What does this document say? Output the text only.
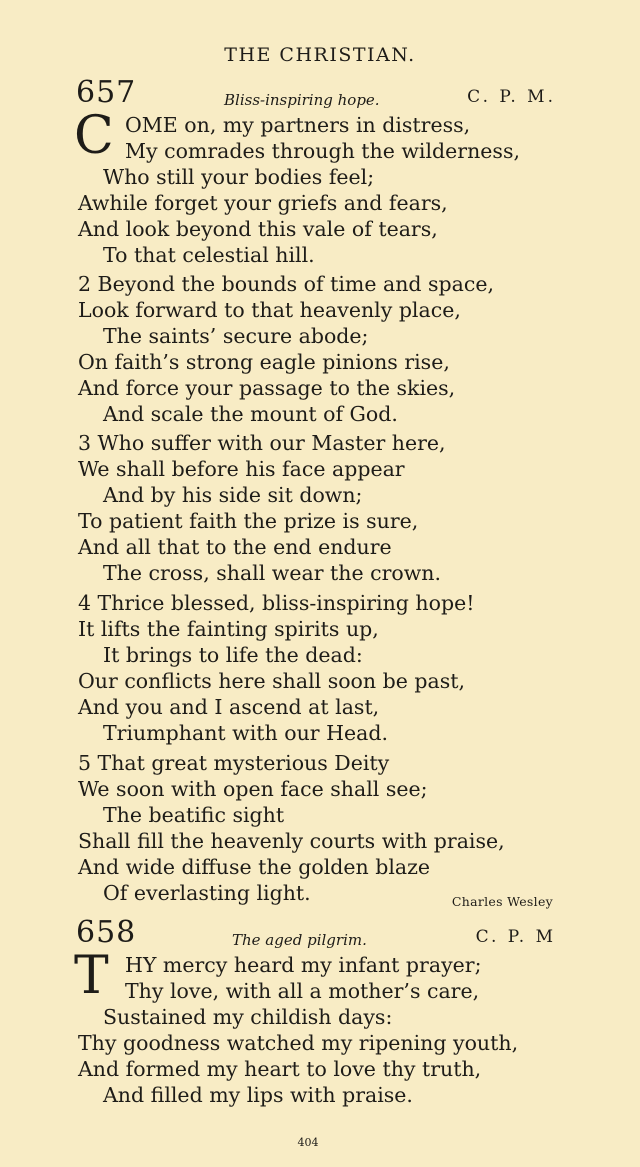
THE CHRISTIAN.
657	Bliss-inspiring hope.	C. P. M.
C OME on, my partners in distress,
My comrades through the wilderness,
Who still your bodies feel;
Awhile forget your griefs and fears,
And look beyond this vale of tears,
To that celestial hill.
2 Beyond the bounds of time and space,
Look forward to that heavenly place,
The saints’ secure abode;
On faith’s strong eagle pinions rise,
And force your passage to the skies,
And scale the mount of God.
3 Who suffer with our Master here,
We shall before his face appear
And by his side sit down;
To patient faith the prize is sure,
And all that to the end endure
The cross, shall wear the crown.
4 Thrice blessed, bliss-inspiring hope!
It lifts the fainting spirits up,
It brings to life the dead:
Our conflicts here shall soon be past,
And you and I ascend at last,
Triumphant with our Head.
5 That great mysterious Deity
We soon with open face shall see;
The beatific sight
Shall fill the heavenly courts with praise,
And wide diffuse the golden blaze
Of everlasting light.	Charles Wesley
658	The aged pilgrim.	C. P. M
T HY mercy heard my infant prayer;
Thy love, with all a mother’s care,
Sustained my childish days:
Thy goodness watched my ripening youth,
And formed my heart to love thy truth,
And filled my lips with praise.
404
